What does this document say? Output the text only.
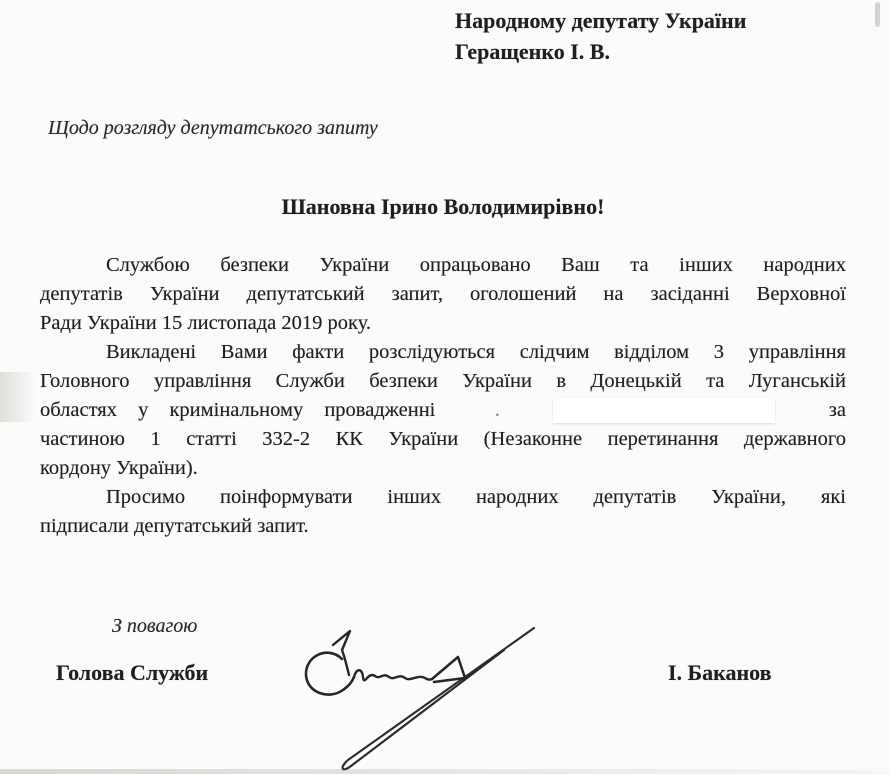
Народному депутату України
Геращенко І. В.
Щодо розгляду депутатського запиту
Шановна Ірино Володимирівно!
Службою безпеки України опрацьовано Ваш та інших народних
депутатів України депутатський запит, оголошений на засіданні Верховної
Ради України 15 листопада 2019 року.
Викладені Вами факти розслідуються слідчим відділом 3 управління
Головного управління Служби безпеки України в Донецькій та Луганській
областях у кримінальному провадженні	.	за
частиною 1 статті 332-2 КК України (Незаконне перетинання державного
кордону України).
Просимо поінформувати інших народних депутатів України, які
підписали депутатський запит.
З повагою
Голова Служби	І. Баканов
